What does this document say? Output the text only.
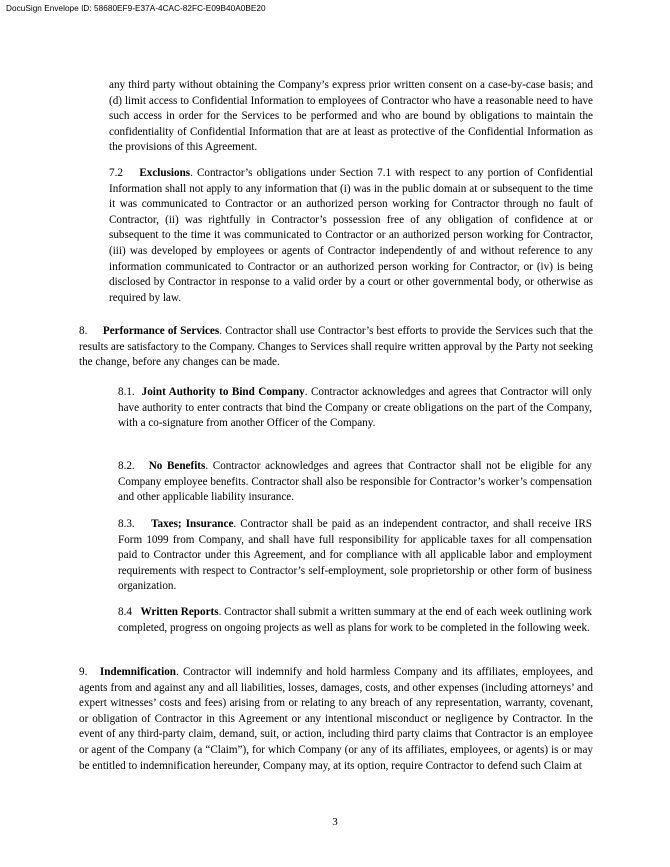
DocuSign Envelope ID: 58680EF9-E37A-4CAC-82FC-E09B40A0BE20

any third party without obtaining the Company’s express prior written consent on a case-by-case basis; and (d) limit access to Confidential Information to employees of Contractor who have a reasonable need to have such access in order for the Services to be performed and who are bound by obligations to maintain the confidentiality of Confidential Information that are at least as protective of the Confidential Information as the provisions of this Agreement.

7.2 Exclusions. Contractor’s obligations under Section 7.1 with respect to any portion of Confidential Information shall not apply to any information that (i) was in the public domain at or subsequent to the time it was communicated to Contractor or an authorized person working for Contractor through no fault of Contractor, (ii) was rightfully in Contractor’s possession free of any obligation of confidence at or subsequent to the time it was communicated to Contractor or an authorized person working for Contractor, (iii) was developed by employees or agents of Contractor independently of and without reference to any information communicated to Contractor or an authorized person working for Contractor, or (iv) is being disclosed by Contractor in response to a valid order by a court or other governmental body, or otherwise as required by law.

8. Performance of Services. Contractor shall use Contractor’s best efforts to provide the Services such that the results are satisfactory to the Company. Changes to Services shall require written approval by the Party not seeking the change, before any changes can be made.

8.1. Joint Authority to Bind Company. Contractor acknowledges and agrees that Contractor will only have authority to enter contracts that bind the Company or create obligations on the part of the Company, with a co-signature from another Officer of the Company.

8.2. No Benefits. Contractor acknowledges and agrees that Contractor shall not be eligible for any Company employee benefits. Contractor shall also be responsible for Contractor’s worker’s compensation and other applicable liability insurance.

8.3. Taxes; Insurance. Contractor shall be paid as an independent contractor, and shall receive IRS Form 1099 from Company, and shall have full responsibility for applicable taxes for all compensation paid to Contractor under this Agreement, and for compliance with all applicable labor and employment requirements with respect to Contractor’s self-employment, sole proprietorship or other form of business organization.

8.4 Written Reports. Contractor shall submit a written summary at the end of each week outlining work completed, progress on ongoing projects as well as plans for work to be completed in the following week.

9. Indemnification. Contractor will indemnify and hold harmless Company and its affiliates, employees, and agents from and against any and all liabilities, losses, damages, costs, and other expenses (including attorneys’ and expert witnesses’ costs and fees) arising from or relating to any breach of any representation, warranty, covenant, or obligation of Contractor in this Agreement or any intentional misconduct or negligence by Contractor. In the event of any third-party claim, demand, suit, or action, including third party claims that Contractor is an employee or agent of the Company (a “Claim”), for which Company (or any of its affiliates, employees, or agents) is or may be entitled to indemnification hereunder, Company may, at its option, require Contractor to defend such Claim at

3
